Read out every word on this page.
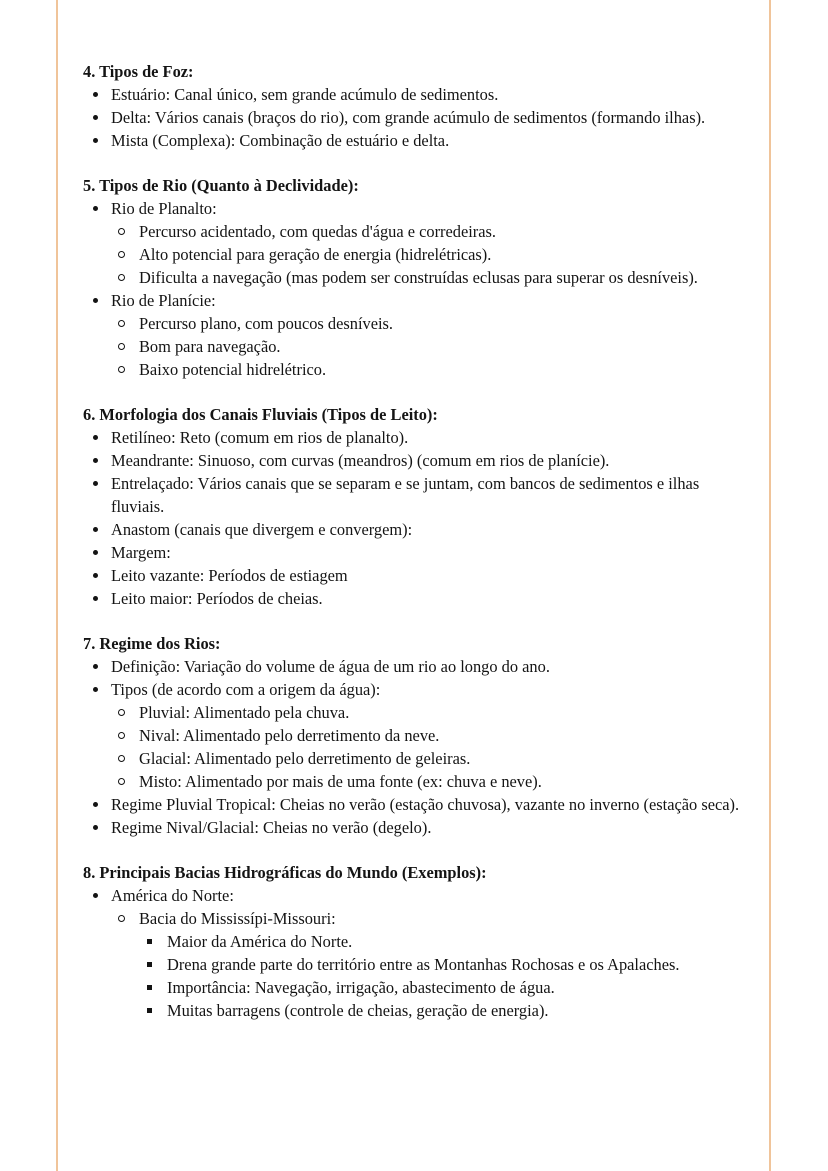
4. Tipos de Foz:
Estuário: Canal único, sem grande acúmulo de sedimentos.
Delta: Vários canais (braços do rio), com grande acúmulo de sedimentos (formando ilhas).
Mista (Complexa): Combinação de estuário e delta.
5. Tipos de Rio (Quanto à Declividade):
Rio de Planalto:
Percurso acidentado, com quedas d'água e corredeiras.
Alto potencial para geração de energia (hidrelétricas).
Dificulta a navegação (mas podem ser construídas eclusas para superar os desníveis).
Rio de Planície:
Percurso plano, com poucos desníveis.
Bom para navegação.
Baixo potencial hidrelétrico.
6. Morfologia dos Canais Fluviais (Tipos de Leito):
Retilíneo: Reto (comum em rios de planalto).
Meandrante: Sinuoso, com curvas (meandros) (comum em rios de planície).
Entrelaçado: Vários canais que se separam e se juntam, com bancos de sedimentos e ilhas fluviais.
Anastom (canais que divergem e convergem):
Margem:
Leito vazante: Períodos de estiagem
Leito maior: Períodos de cheias.
7. Regime dos Rios:
Definição: Variação do volume de água de um rio ao longo do ano.
Tipos (de acordo com a origem da água):
Pluvial: Alimentado pela chuva.
Nival: Alimentado pelo derretimento da neve.
Glacial: Alimentado pelo derretimento de geleiras.
Misto: Alimentado por mais de uma fonte (ex: chuva e neve).
Regime Pluvial Tropical: Cheias no verão (estação chuvosa), vazante no inverno (estação seca).
Regime Nival/Glacial: Cheias no verão (degelo).
8. Principais Bacias Hidrográficas do Mundo (Exemplos):
América do Norte:
Bacia do Mississípi-Missouri:
Maior da América do Norte.
Drena grande parte do território entre as Montanhas Rochosas e os Apalaches.
Importância: Navegação, irrigação, abastecimento de água.
Muitas barragens (controle de cheias, geração de energia).
